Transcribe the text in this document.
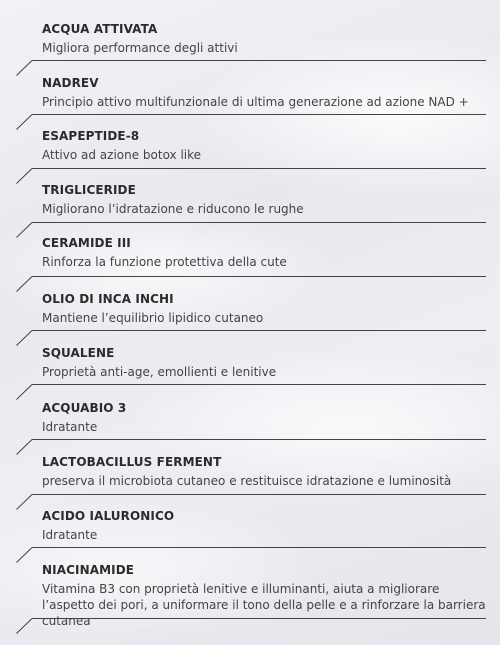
ACQUA ATTIVATA
Migliora performance degli attivi
NADREV
Principio attivo multifunzionale di ultima generazione ad azione NAD +
ESAPEPTIDE-8
Attivo ad azione botox like
TRIGLICERIDE
Migliorano l’idratazione e riducono le rughe
CERAMIDE III
Rinforza la funzione protettiva della cute
OLIO DI INCA INCHI
Mantiene l’equilibrio lipidico cutaneo
SQUALENE
Proprietà anti-age, emollienti e lenitive
ACQUABIO 3
Idratante
LACTOBACILLUS FERMENT
preserva il microbiota cutaneo e restituisce idratazione e luminosità
ACIDO IALURONICO
Idratante
NIACINAMIDE
Vitamina B3 con proprietà lenitive e illuminanti, aiuta a migliorare l’aspetto dei pori, a uniformare il tono della pelle e a rinforzare la barriera cutanea
